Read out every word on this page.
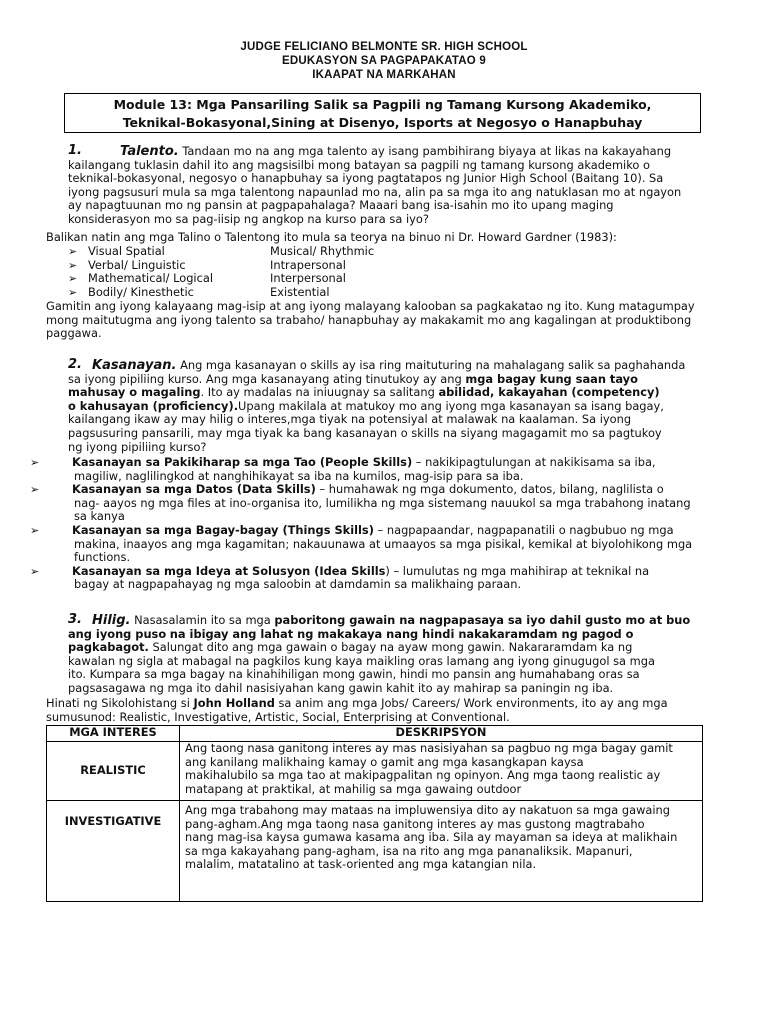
JUDGE FELICIANO BELMONTE SR. HIGH SCHOOL
EDUKASYON SA PAGPAPAKATAO 9
IKAAPAT NA MARKAHAN
Module 13: Mga Pansariling Salik sa Pagpili ng Tamang Kursong Akademiko,
Teknikal-Bokasyonal,Sining at Disenyo, Isports at Negosyo o Hanapbuhay
1.	Talento. Tandaan mo na ang mga talento ay isang pambihirang biyaya at likas na kakayahang
kailangang tuklasin dahil ito ang magsisilbi mong batayan sa pagpili ng tamang kursong akademiko o
teknikal-bokasyonal, negosyo o hanapbuhay sa iyong pagtatapos ng Junior High School (Baitang 10). Sa
iyong pagsusuri mula sa mga talentong napaunlad mo na, alin pa sa mga ito ang natuklasan mo at ngayon
ay napagtuunan mo ng pansin at pagpapahalaga? Maaari bang isa-isahin mo ito upang maging
konsiderasyon mo sa pag-iisip ng angkop na kurso para sa iyo?
Balikan natin ang mga Talino o Talentong ito mula sa teorya na binuo ni Dr. Howard Gardner (1983):
➢ Visual Spatial	Musical/ Rhythmic
➢ Verbal/ Linguistic	Intrapersonal
➢ Mathematical/ Logical	Interpersonal
➢ Bodily/ Kinesthetic	Existential
Gamitin ang iyong kalayaang mag-isip at ang iyong malayang kalooban sa pagkakatao ng ito. Kung matagumpay
mong maitutugma ang iyong talento sa trabaho/ hanapbuhay ay makakamit mo ang kagalingan at produktibong
paggawa.
2. Kasanayan. Ang mga kasanayan o skills ay isa ring maituturing na mahalagang salik sa paghahanda
sa iyong pipiliing kurso. Ang mga kasanayang ating tinutukoy ay ang mga bagay kung saan tayo
mahusay o magaling. Ito ay madalas na iniuugnay sa salitang abilidad, kakayahan (competency)
o kahusayan (proficiency).Upang makilala at matukoy mo ang iyong mga kasanayan sa isang bagay,
kailangang ikaw ay may hilig o interes,mga tiyak na potensiyal at malawak na kaalaman. Sa iyong
pagsusuring pansarili, may mga tiyak ka bang kasanayan o skills na siyang magagamit mo sa pagtukoy
ng iyong pipiliing kurso?
➢	Kasanayan sa Pakikiharap sa mga Tao (People Skills) – nakikipagtulungan at nakikisama sa iba,
magiliw, naglilingkod at nanghihikayat sa iba na kumilos, mag-isip para sa iba.
➢	Kasanayan sa mga Datos (Data Skills) – humahawak ng mga dokumento, datos, bilang, naglilista o
nag- aayos ng mga files at ino-organisa ito, lumilikha ng mga sistemang nauukol sa mga trabahong inatang
sa kanya
➢	Kasanayan sa mga Bagay-bagay (Things Skills) – nagpapaandar, nagpapanatili o nagbubuo ng mga
makina, inaayos ang mga kagamitan; nakauunawa at umaayos sa mga pisikal, kemikal at biyolohikong mga
functions.
➢	Kasanayan sa mga Ideya at Solusyon (Idea Skills) – lumulutas ng mga mahihirap at teknikal na
bagay at nagpapahayag ng mga saloobin at damdamin sa malikhaing paraan.
3. Hilig. Nasasalamin ito sa mga paboritong gawain na nagpapasaya sa iyo dahil gusto mo at buo
ang iyong puso na ibigay ang lahat ng makakaya nang hindi nakakaramdam ng pagod o
pagkabagot. Salungat dito ang mga gawain o bagay na ayaw mong gawin. Nakararamdam ka ng
kawalan ng sigla at mabagal na pagkilos kung kaya maikling oras lamang ang iyong ginugugol sa mga
ito. Kumpara sa mga bagay na kinahihiligan mong gawin, hindi mo pansin ang humahabang oras sa
pagsasagawa ng mga ito dahil nasisiyahan kang gawin kahit ito ay mahirap sa paningin ng iba.
Hinati ng Sikolohistang si John Holland sa anim ang mga Jobs/ Careers/ Work environments, ito ay ang mga
sumusunod: Realistic, Investigative, Artistic, Social, Enterprising at Conventional.
MGA INTERES	DESKRIPSYON
REALISTIC	Ang taong nasa ganitong interes ay mas nasisiyahan sa pagbuo ng mga bagay gamit
ang kanilang malikhaing kamay o gamit ang mga kasangkapan kaysa
makihalubilo sa mga tao at makipagpalitan ng opinyon. Ang mga taong realistic ay
matapang at praktikal, at mahilig sa mga gawaing outdoor

INVESTIGATIVE	Ang mga trabahong may mataas na impluwensiya dito ay nakatuon sa mga gawaing
pang-agham.Ang mga taong nasa ganitong interes ay mas gustong magtrabaho
nang mag-isa kaysa gumawa kasama ang iba. Sila ay mayaman sa ideya at malikhain
sa mga kakayahang pang-agham, isa na rito ang mga pananaliksik. Mapanuri,
malalim, matatalino at task-oriented ang mga katangian nila.
